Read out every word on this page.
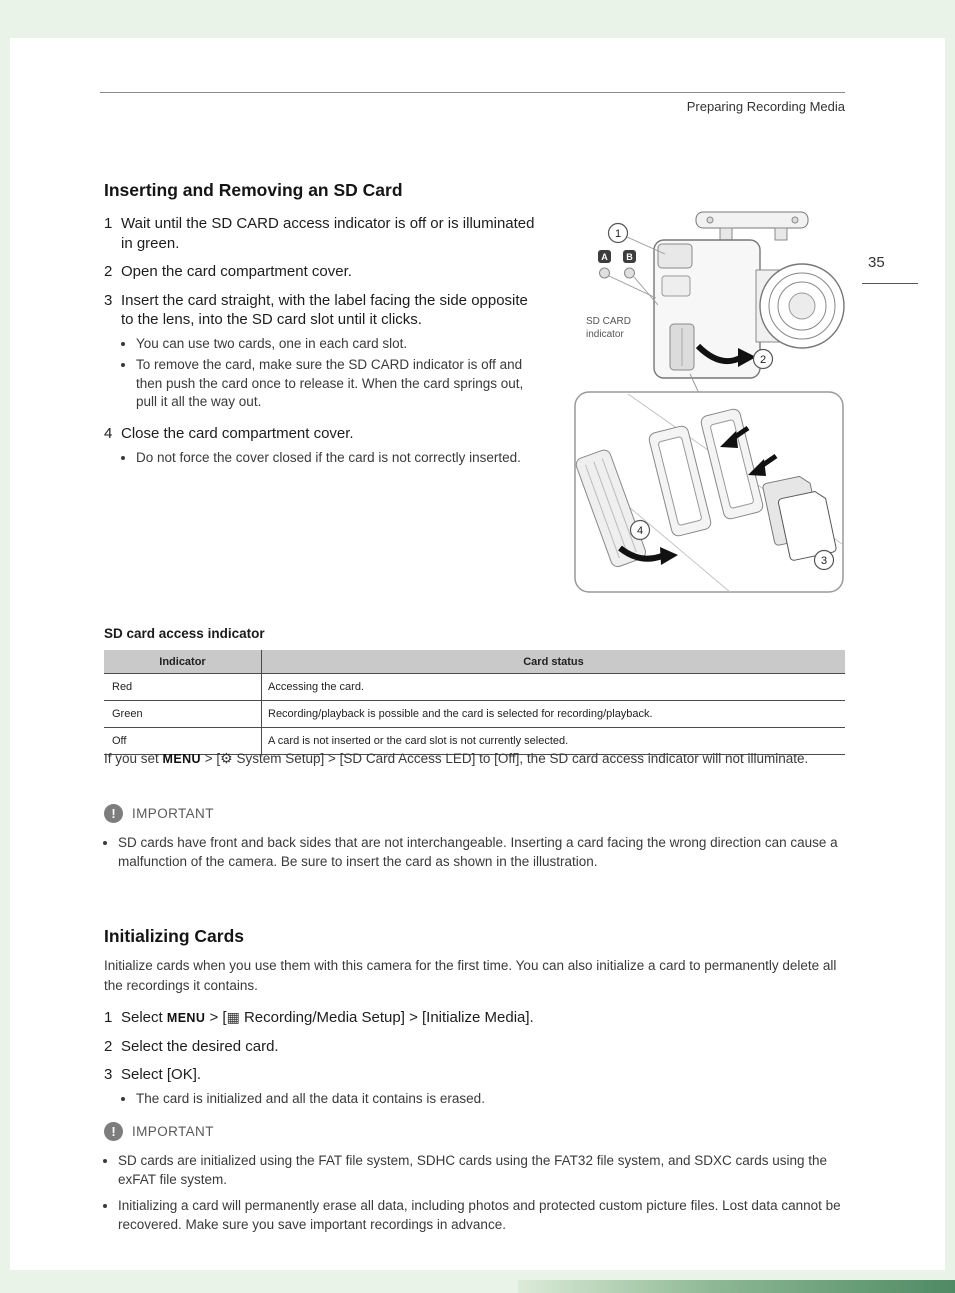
Preparing Recording Media
35
Inserting and Removing an SD Card
1 Wait until the SD CARD access indicator is off or is illuminated in green.
2 Open the card compartment cover.
3 Insert the card straight, with the label facing the side opposite to the lens, into the SD card slot until it clicks.
• You can use two cards, one in each card slot.
• To remove the card, make sure the SD CARD indicator is off and then push the card once to release it. When the card springs out, pull it all the way out.
4 Close the card compartment cover.
• Do not force the cover closed if the card is not correctly inserted.
1
A B
SD CARD
indicator
2
4
3
SD card access indicator
Indicator	Card status
Red	Accessing the card.
Green	Recording/playback is possible and the card is selected for recording/playback.
Off	A card is not inserted or the card slot is not currently selected.

If you set MENU > [⚙ System Setup] > [SD Card Access LED] to [Off], the SD card access indicator will not illuminate.

!	IMPORTANT
• SD cards have front and back sides that are not interchangeable. Inserting a card facing the wrong direction can cause a malfunction of the camera. Be sure to insert the card as shown in the illustration.
Initializing Cards

Initialize cards when you use them with this camera for the first time. You can also initialize a card to permanently delete all the recordings it contains.

1 Select MENU > [▦ Recording/Media Setup] > [Initialize Media].
2 Select the desired card.
3 Select [OK].
• The card is initialized and all the data it contains is erased.
!	IMPORTANT
• SD cards are initialized using the FAT file system, SDHC cards using the FAT32 file system, and SDXC cards using the exFAT file system.
• Initializing a card will permanently erase all data, including photos and protected custom picture files. Lost data cannot be recovered. Make sure you save important recordings in advance.
